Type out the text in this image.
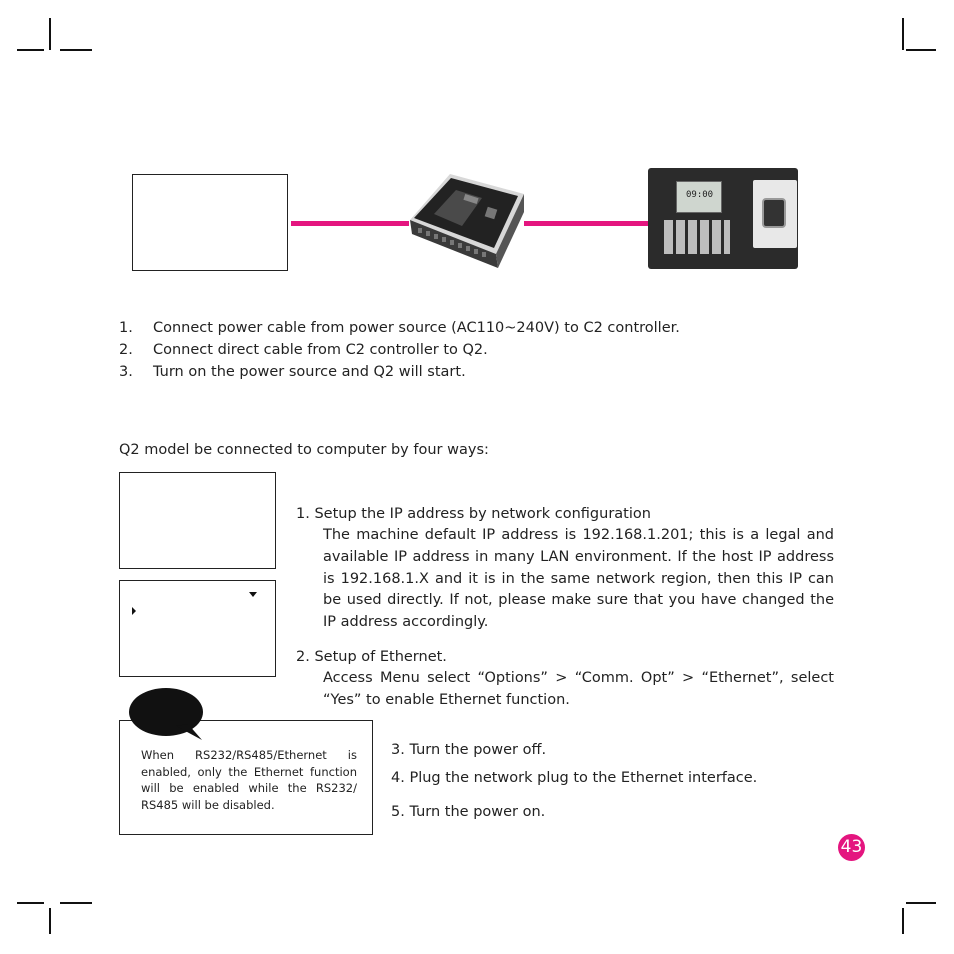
09:00
1. Connect power cable from power source (AC110~240V) to C2 controller.
2. Connect direct cable from C2 controller to Q2.
3. Turn on the power source and Q2 will start.
Q2 model be connected to computer by four ways:
When RS232/RS485/Ethernet is enabled, only the Ethernet function will be enabled while the RS232/ RS485 will be disabled.
1. Setup the IP address by network configuration
The machine default IP address is 192.168.1.201; this is a legal and available IP address in many LAN environment. If the host IP address is 192.168.1.X and it is in the same network region, then this IP can be used directly. If not, please make sure that you have changed the IP address accordingly.
2. Setup of Ethernet.
Access Menu select “Options” > “Comm. Opt” > “Ethernet”, select “Yes” to enable Ethernet function.
3. Turn the power off.
4. Plug the network plug to the Ethernet interface.
5. Turn the power on.
43
